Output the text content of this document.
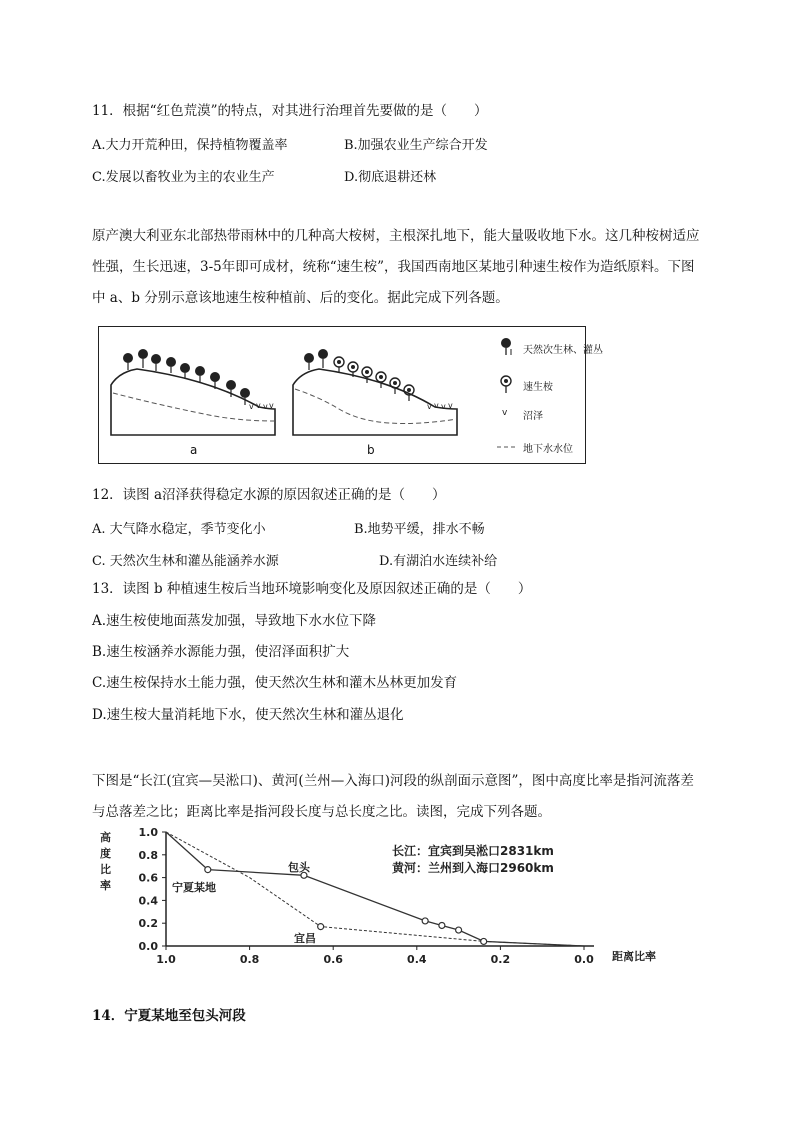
11．根据“红色荒漠”的特点，对其进行治理首先要做的是（　　）
A.大力开荒种田，保持植物覆盖率	B.加强农业生产综合开发
C.发展以畜牧业为主的农业生产	D.彻底退耕还林
原产澳大利亚东北部热带雨林中的几种高大桉树，主根深扎地下，能大量吸收地下水。这几种桉树适应性强，生长迅速，3-5年即可成材，统称“速生桉”，我国西南地区某地引种速生桉作为造纸原料。下图中 a、b 分别示意该地速生桉种植前、后的变化。据此完成下列各题。
v v v v	v v v v
v
a	b
天然次生林、灌丛
速生桉
沼泽
地下水水位
12．读图 a沼泽获得稳定水源的原因叙述正确的是（　　）
A. 大气降水稳定，季节变化小	B.地势平缓，排水不畅
C. 天然次生林和灌丛能涵养水源	D.有湖泊水连续补给
13．读图 b 种植速生桉后当地环境影响变化及原因叙述正确的是（　　）
A.速生桉使地面蒸发加强，导致地下水水位下降
B.速生桉涵养水源能力强，使沼泽面积扩大
C.速生桉保持水土能力强，使天然次生林和灌木丛林更加发育
D.速生桉大量消耗地下水，使天然次生林和灌丛退化
下图是“长江(宜宾—吴淞口)、黄河(兰州—入海口)河段的纵剖面示意图”，图中高度比率是指河流落差与总落差之比；距离比率是指河段长度与总长度之比。读图，完成下列各题。
1.0
0.8
0.6
0.4
0.2
0.0
1.0	0.8	0.6	0.4	0.2	0.0
高度比率
距离比率
长江：宜宾到吴淞口2831km
黄河：兰州到入海口2960km
宁夏某地
包头
宜昌
14．宁夏某地至包头河段
